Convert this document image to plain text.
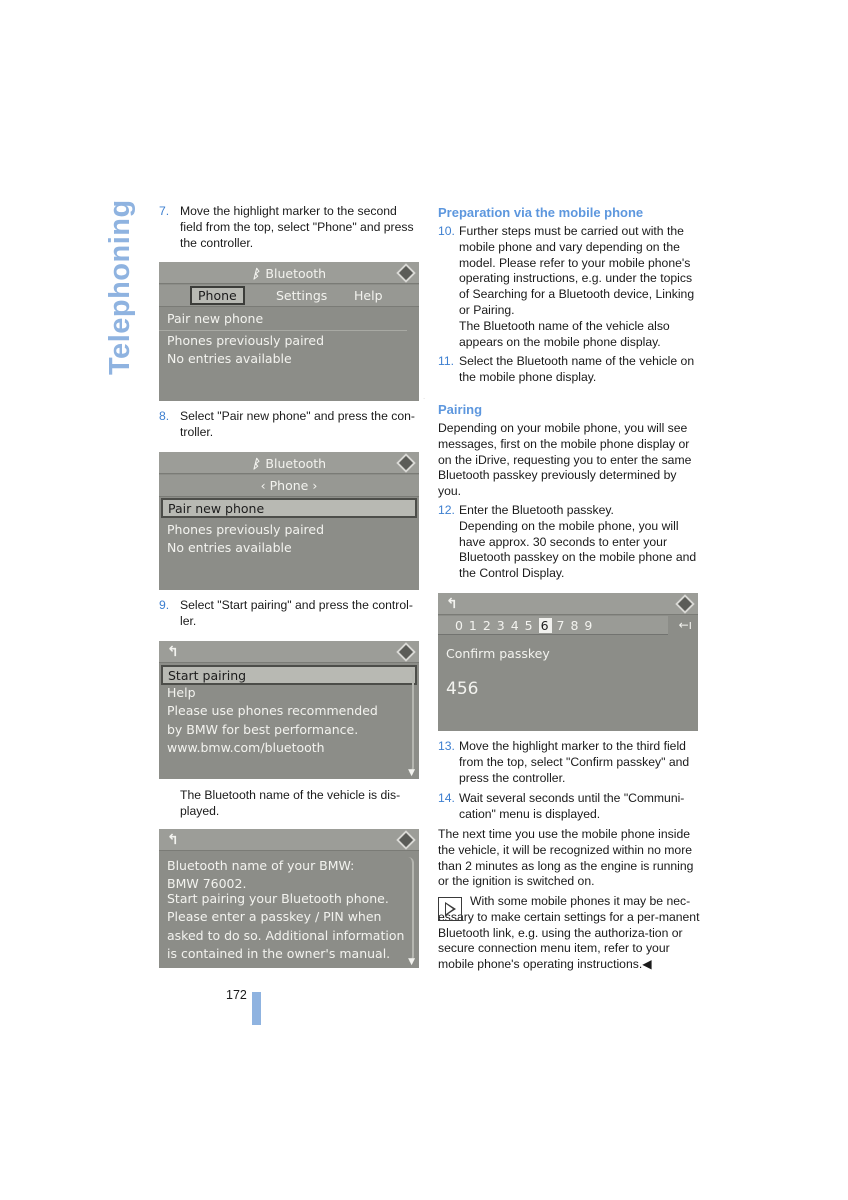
Telephoning	7. Move the highlight marker to the second field from the top, select "Phone" and press the controller.
ᛒ Bluetooth
Phone	Settings Help
Pair new phone
Phones previously paired
No entries available
·
8. Select "Pair new phone" and press the con-troller.
ᛒ Bluetooth
‹ Phone ›
Pair new phone
Phones previously paired
No entries available
9. Select "Start pairing" and press the control-ler.
↰
Start pairing
Help
Please use phones recommended
by BMW for best performance.
www.bmw.com/bluetooth
▼
The Bluetooth name of the vehicle is dis-played.
↰
Bluetooth name of your BMW:
BMW 76002.
Start pairing your Bluetooth phone.
Please enter a passkey / PIN when
asked to do so. Additional information
is contained in the owner's manual.
▼
Preparation via the mobile phone
10. Further steps must be carried out with the mobile phone and vary depending on the model. Please refer to your mobile phone's operating instructions, e.g. under the topics of Searching for a Bluetooth device, Linking or Pairing.
The Bluetooth name of the vehicle also appears on the mobile phone display.
11. Select the Bluetooth name of the vehicle on the mobile phone display.
Pairing
Depending on your mobile phone, you will see messages, first on the mobile phone display or on the iDrive, requesting you to enter the same Bluetooth passkey previously determined by you.
12. Enter the Bluetooth passkey.
Depending on the mobile phone, you will have approx. 30 seconds to enter your Bluetooth passkey on the mobile phone and the Control Display.
↰
0 1 2 3 4 5 6 7 8 9	←ı
Confirm passkey
456
13. Move the highlight marker to the third field from the top, select "Confirm passkey" and press the controller.
14. Wait several seconds until the "Communi-cation" menu is displayed.
The next time you use the mobile phone inside the vehicle, it will be recognized within no more than 2 minutes as long as the engine is running or the ignition is switched on.
With some mobile phones it may be nec-essary to make certain settings for a per-manent Bluetooth link, e.g. using the authoriza-tion or secure connection menu item, refer to your mobile phone's operating instructions.◀
172
